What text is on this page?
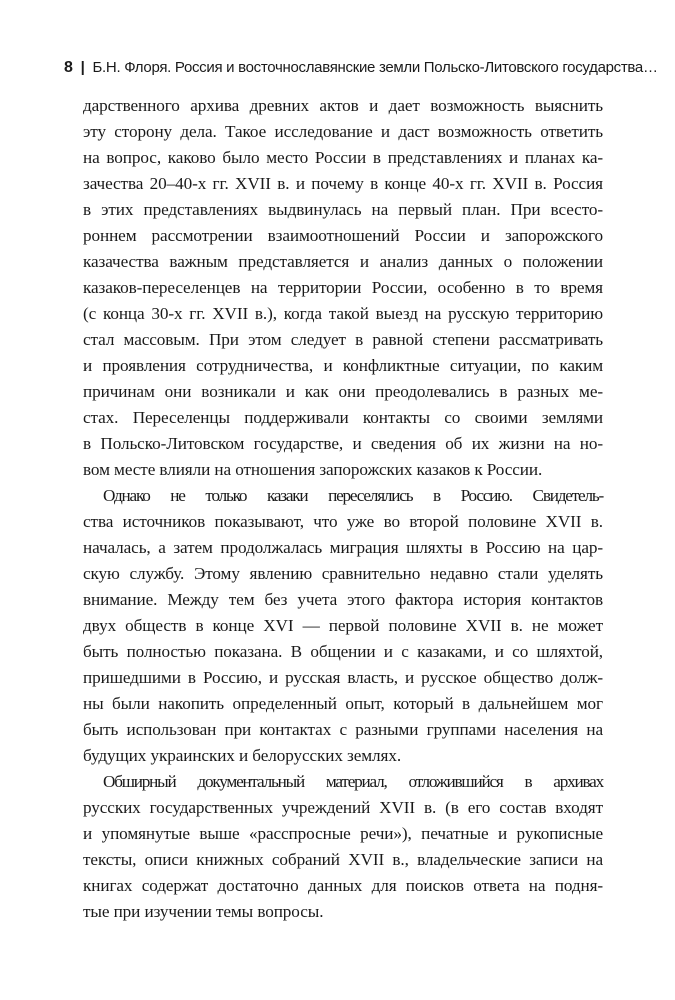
8 | Б.Н. Флоря. Россия и восточнославянские земли Польско-Литовского государства…
дарственного архива древних актов и дает возможность выяснить
эту сторону дела. Такое исследование и даст возможность ответить
на вопрос, каково было место России в представлениях и планах ка-
зачества 20–40-х гг. XVII в. и почему в конце 40-х гг. XVII в. Россия
в этих представлениях выдвинулась на первый план. При всесто-
роннем рассмотрении взаимоотношений России и запорожского
казачества важным представляется и анализ данных о положении
казаков-переселенцев на территории России, особенно в то время
(с конца 30-х гг. XVII в.), когда такой выезд на русскую территорию
стал массовым. При этом следует в равной степени рассматривать
и проявления сотрудничества, и конфликтные ситуации, по каким
причинам они возникали и как они преодолевались в разных ме-
стах. Переселенцы поддерживали контакты со своими землями
в Польско-Литовском государстве, и сведения об их жизни на но-
вом месте влияли на отношения запорожских казаков к России.
Однако не только казаки переселялись в Россию. Свидетель-
ства источников показывают, что уже во второй половине XVII в.
началась, а затем продолжалась миграция шляхты в Россию на цар-
скую службу. Этому явлению сравнительно недавно стали уделять
внимание. Между тем без учета этого фактора история контактов
двух обществ в конце XVI — первой половине XVII в. не может
быть полностью показана. В общении и с казаками, и со шляхтой,
пришедшими в Россию, и русская власть, и русское общество долж-
ны были накопить определенный опыт, который в дальнейшем мог
быть использован при контактах с разными группами населения на
будущих украинских и белорусских землях.
Обширный документальный материал, отложившийся в архивах
русских государственных учреждений XVII в. (в его состав входят
и упомянутые выше «расспросные речи»), печатные и рукописные
тексты, описи книжных собраний XVII в., владельческие записи на
книгах содержат достаточно данных для поисков ответа на подня-
тые при изучении темы вопросы.
